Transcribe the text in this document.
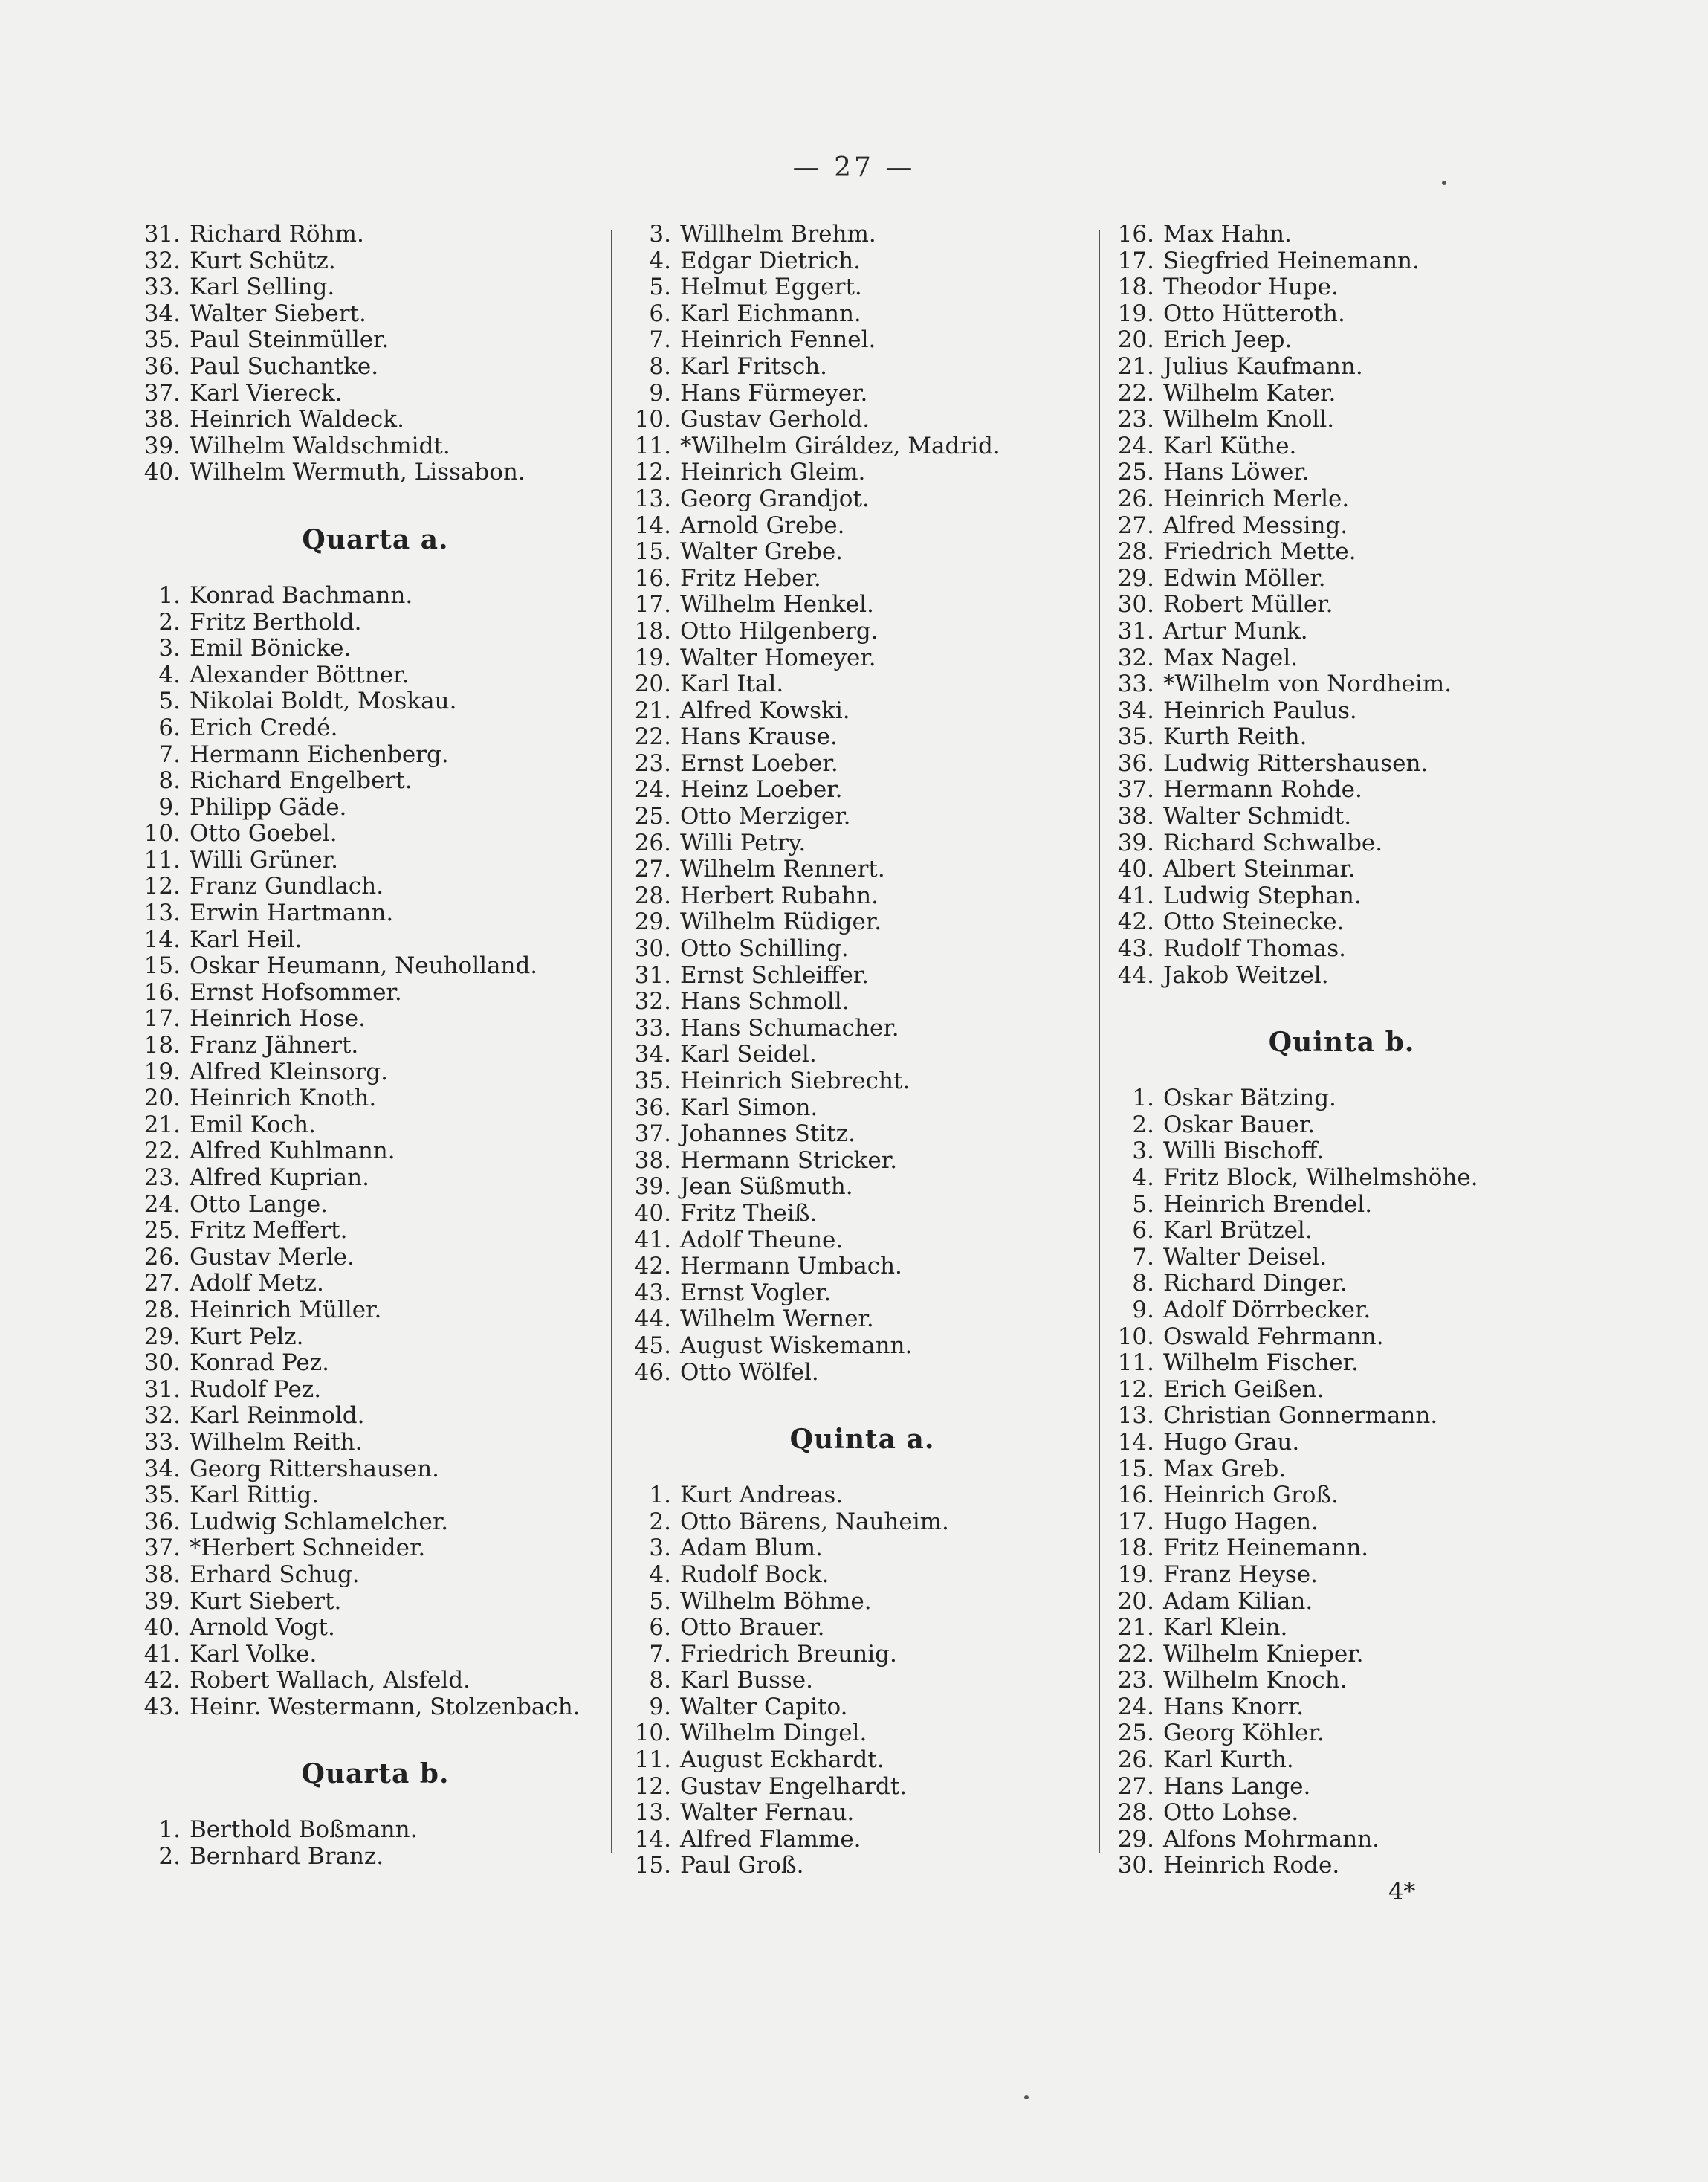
— 27 —
31. Richard Röhm.
32. Kurt Schütz.
33. Karl Selling.
34. Walter Siebert.
35. Paul Steinmüller.
36. Paul Suchantke.
37. Karl Viereck.
38. Heinrich Waldeck.
39. Wilhelm Waldschmidt.
40. Wilhelm Wermuth, Lissabon.
Quarta a.
1. Konrad Bachmann.
2. Fritz Berthold.
3. Emil Bönicke.
4. Alexander Böttner.
5. Nikolai Boldt, Moskau.
6. Erich Credé.
7. Hermann Eichenberg.
8. Richard Engelbert.
9. Philipp Gäde.
10. Otto Goebel.
11. Willi Grüner.
12. Franz Gundlach.
13. Erwin Hartmann.
14. Karl Heil.
15. Oskar Heumann, Neuholland.
16. Ernst Hofsommer.
17. Heinrich Hose.
18. Franz Jähnert.
19. Alfred Kleinsorg.
20. Heinrich Knoth.
21. Emil Koch.
22. Alfred Kuhlmann.
23. Alfred Kuprian.
24. Otto Lange.
25. Fritz Meffert.
26. Gustav Merle.
27. Adolf Metz.
28. Heinrich Müller.
29. Kurt Pelz.
30. Konrad Pez.
31. Rudolf Pez.
32. Karl Reinmold.
33. Wilhelm Reith.
34. Georg Rittershausen.
35. Karl Rittig.
36. Ludwig Schlamelcher.
37. *Herbert Schneider.
38. Erhard Schug.
39. Kurt Siebert.
40. Arnold Vogt.
41. Karl Volke.
42. Robert Wallach, Alsfeld.
43. Heinr. Westermann, Stolzenbach.
Quarta b.
1. Berthold Boßmann.
2. Bernhard Branz.
3. Willhelm Brehm.
4. Edgar Dietrich.
5. Helmut Eggert.
6. Karl Eichmann.
7. Heinrich Fennel.
8. Karl Fritsch.
9. Hans Fürmeyer.
10. Gustav Gerhold.
11. *Wilhelm Giráldez, Madrid.
12. Heinrich Gleim.
13. Georg Grandjot.
14. Arnold Grebe.
15. Walter Grebe.
16. Fritz Heber.
17. Wilhelm Henkel.
18. Otto Hilgenberg.
19. Walter Homeyer.
20. Karl Ital.
21. Alfred Kowski.
22. Hans Krause.
23. Ernst Loeber.
24. Heinz Loeber.
25. Otto Merziger.
26. Willi Petry.
27. Wilhelm Rennert.
28. Herbert Rubahn.
29. Wilhelm Rüdiger.
30. Otto Schilling.
31. Ernst Schleiffer.
32. Hans Schmoll.
33. Hans Schumacher.
34. Karl Seidel.
35. Heinrich Siebrecht.
36. Karl Simon.
37. Johannes Stitz.
38. Hermann Stricker.
39. Jean Süßmuth.
40. Fritz Theiß.
41. Adolf Theune.
42. Hermann Umbach.
43. Ernst Vogler.
44. Wilhelm Werner.
45. August Wiskemann.
46. Otto Wölfel.
Quinta a.
1. Kurt Andreas.
2. Otto Bärens, Nauheim.
3. Adam Blum.
4. Rudolf Bock.
5. Wilhelm Böhme.
6. Otto Brauer.
7. Friedrich Breunig.
8. Karl Busse.
9. Walter Capito.
10. Wilhelm Dingel.
11. August Eckhardt.
12. Gustav Engelhardt.
13. Walter Fernau.
14. Alfred Flamme.
15. Paul Groß.
16. Max Hahn.
17. Siegfried Heinemann.
18. Theodor Hupe.
19. Otto Hütteroth.
20. Erich Jeep.
21. Julius Kaufmann.
22. Wilhelm Kater.
23. Wilhelm Knoll.
24. Karl Küthe.
25. Hans Löwer.
26. Heinrich Merle.
27. Alfred Messing.
28. Friedrich Mette.
29. Edwin Möller.
30. Robert Müller.
31. Artur Munk.
32. Max Nagel.
33. *Wilhelm von Nordheim.
34. Heinrich Paulus.
35. Kurth Reith.
36. Ludwig Rittershausen.
37. Hermann Rohde.
38. Walter Schmidt.
39. Richard Schwalbe.
40. Albert Steinmar.
41. Ludwig Stephan.
42. Otto Steinecke.
43. Rudolf Thomas.
44. Jakob Weitzel.
Quinta b.
1. Oskar Bätzing.
2. Oskar Bauer.
3. Willi Bischoff.
4. Fritz Block, Wilhelmshöhe.
5. Heinrich Brendel.
6. Karl Brützel.
7. Walter Deisel.
8. Richard Dinger.
9. Adolf Dörrbecker.
10. Oswald Fehrmann.
11. Wilhelm Fischer.
12. Erich Geißen.
13. Christian Gonnermann.
14. Hugo Grau.
15. Max Greb.
16. Heinrich Groß.
17. Hugo Hagen.
18. Fritz Heinemann.
19. Franz Heyse.
20. Adam Kilian.
21. Karl Klein.
22. Wilhelm Knieper.
23. Wilhelm Knoch.
24. Hans Knorr.
25. Georg Köhler.
26. Karl Kurth.
27. Hans Lange.
28. Otto Lohse.
29. Alfons Mohrmann.
30. Heinrich Rode.
4*
